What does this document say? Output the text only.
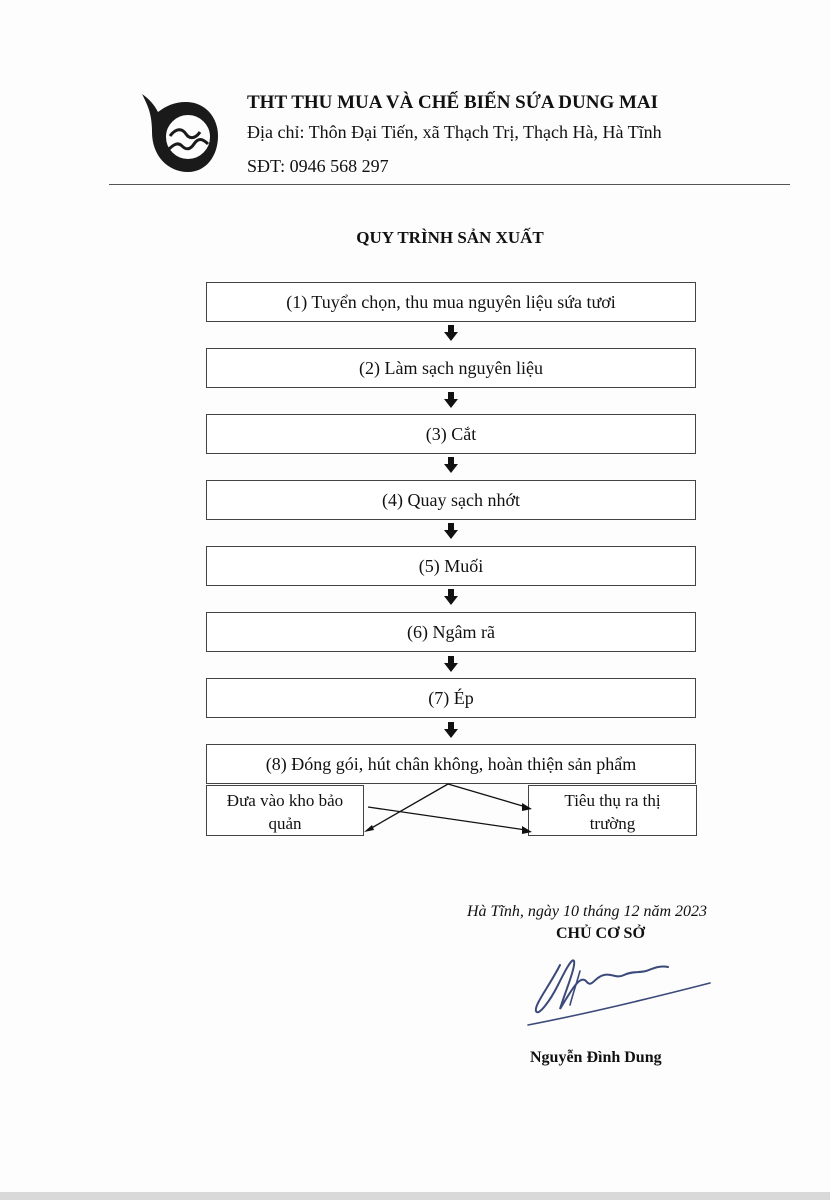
THT THU MUA VÀ CHẾ BIẾN SỨA DUNG MAI
Địa chỉ: Thôn Đại Tiến, xã Thạch Trị, Thạch Hà, Hà Tĩnh
SĐT: 0946 568 297
QUY TRÌNH SẢN XUẤT
(1) Tuyển chọn, thu mua nguyên liệu sứa tươi
(2) Làm sạch nguyên liệu
(3) Cắt
(4) Quay sạch nhớt
(5) Muối
(6) Ngâm rã
(7) Ép
(8) Đóng gói, hút chân không, hoàn thiện sản phẩm
Đưa vào kho bảo
quản
Tiêu thụ ra thị
trường
Hà Tĩnh, ngày 10 tháng 12 năm 2023
CHỦ CƠ SỞ
Nguyễn Đình Dung
